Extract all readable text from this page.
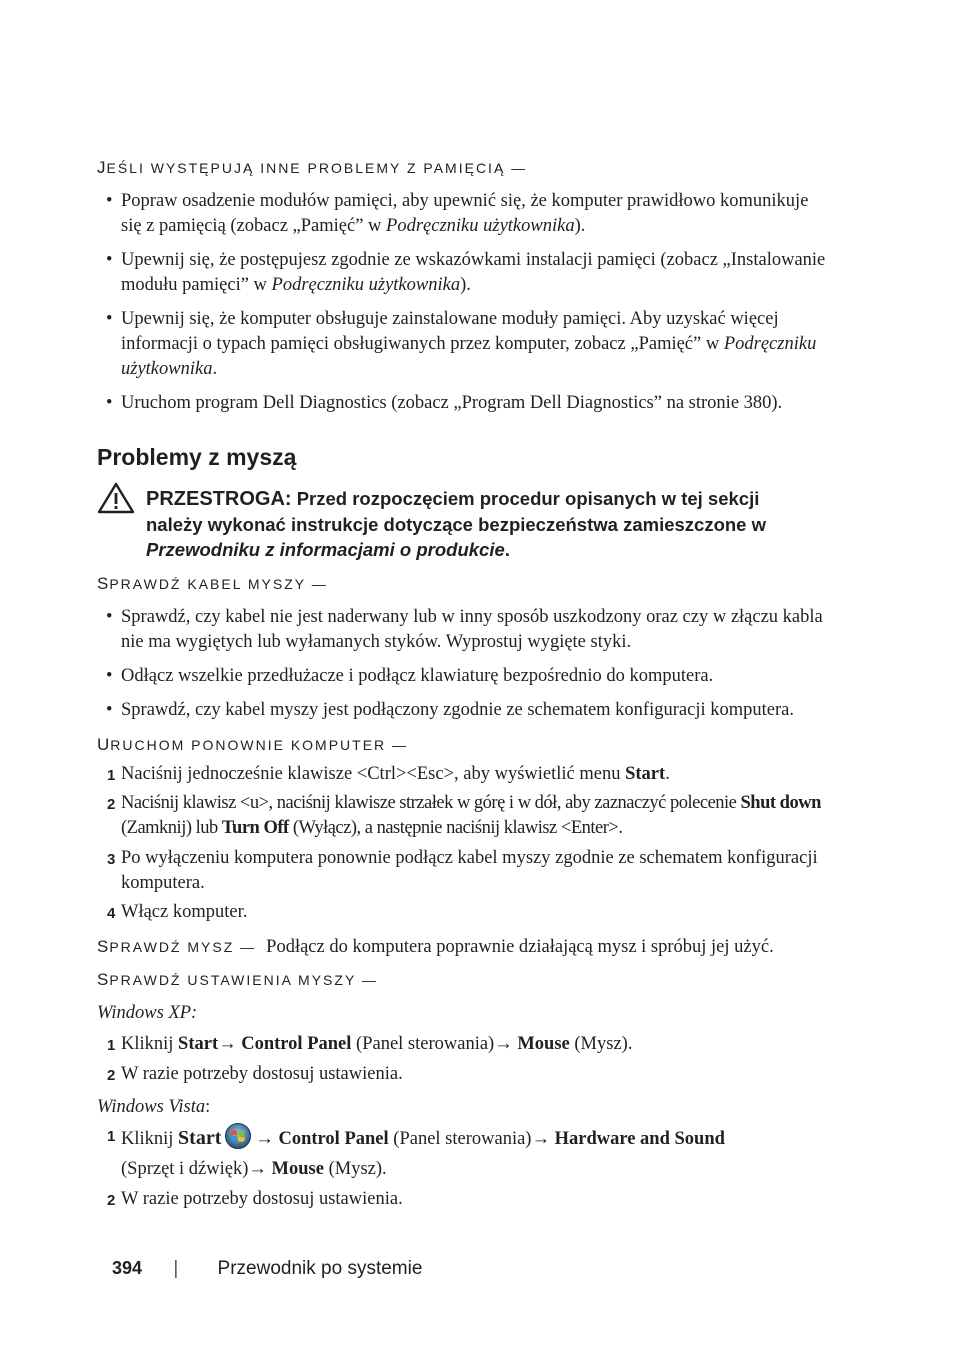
JEŚLI WYSTĘPUJĄ INNE PROBLEMY Z PAMIĘCIĄ —
• Popraw osadzenie modułów pamięci, aby upewnić się, że komputer prawidłowo komunikuje się z pamięcią (zobacz „Pamięć” w Podręczniku użytkownika).
• Upewnij się, że postępujesz zgodnie ze wskazówkami instalacji pamięci (zobacz „Instalowanie modułu pamięci” w Podręczniku użytkownika).
• Upewnij się, że komputer obsługuje zainstalowane moduły pamięci. Aby uzyskać więcej informacji o typach pamięci obsługiwanych przez komputer, zobacz „Pamięć” w Podręczniku użytkownika.
• Uruchom program Dell Diagnostics (zobacz „Program Dell Diagnostics” na stronie 380).
Problemy z myszą
PRZESTROGA: Przed rozpoczęciem procedur opisanych w tej sekcji należy wykonać instrukcje dotyczące bezpieczeństwa zamieszczone w Przewodniku z informacjami o produkcie.
SPRAWDŹ KABEL MYSZY —
• Sprawdź, czy kabel nie jest naderwany lub w inny sposób uszkodzony oraz czy w złączu kabla nie ma wygiętych lub wyłamanych styków. Wyprostuj wygięte styki.
• Odłącz wszelkie przedłużacze i podłącz klawiaturę bezpośrednio do komputera.
• Sprawdź, czy kabel myszy jest podłączony zgodnie ze schematem konfiguracji komputera.
URUCHOM PONOWNIE KOMPUTER —
1 Naciśnij jednocześnie klawisze <Ctrl><Esc>, aby wyświetlić menu Start.
2 Naciśnij klawisz <u>, naciśnij klawisze strzałek w górę i w dół, aby zaznaczyć polecenie Shut down (Zamknij) lub Turn Off (Wyłącz), a następnie naciśnij klawisz <Enter>.
3 Po wyłączeniu komputera ponownie podłącz kabel myszy zgodnie ze schematem konfiguracji komputera.
4 Włącz komputer.
SPRAWDŹ MYSZ — Podłącz do komputera poprawnie działającą mysz i spróbuj jej użyć.
SPRAWDŹ USTAWIENIA MYSZY —
Windows XP:
1 Kliknij Start→ Control Panel (Panel sterowania)→ Mouse (Mysz).
2 W razie potrzeby dostosuj ustawienia.
Windows Vista:
1 Kliknij Start → Control Panel (Panel sterowania)→ Hardware and Sound
(Sprzęt i dźwięk)→ Mouse (Mysz).
2 W razie potrzeby dostosuj ustawienia.
394 | Przewodnik po systemie
